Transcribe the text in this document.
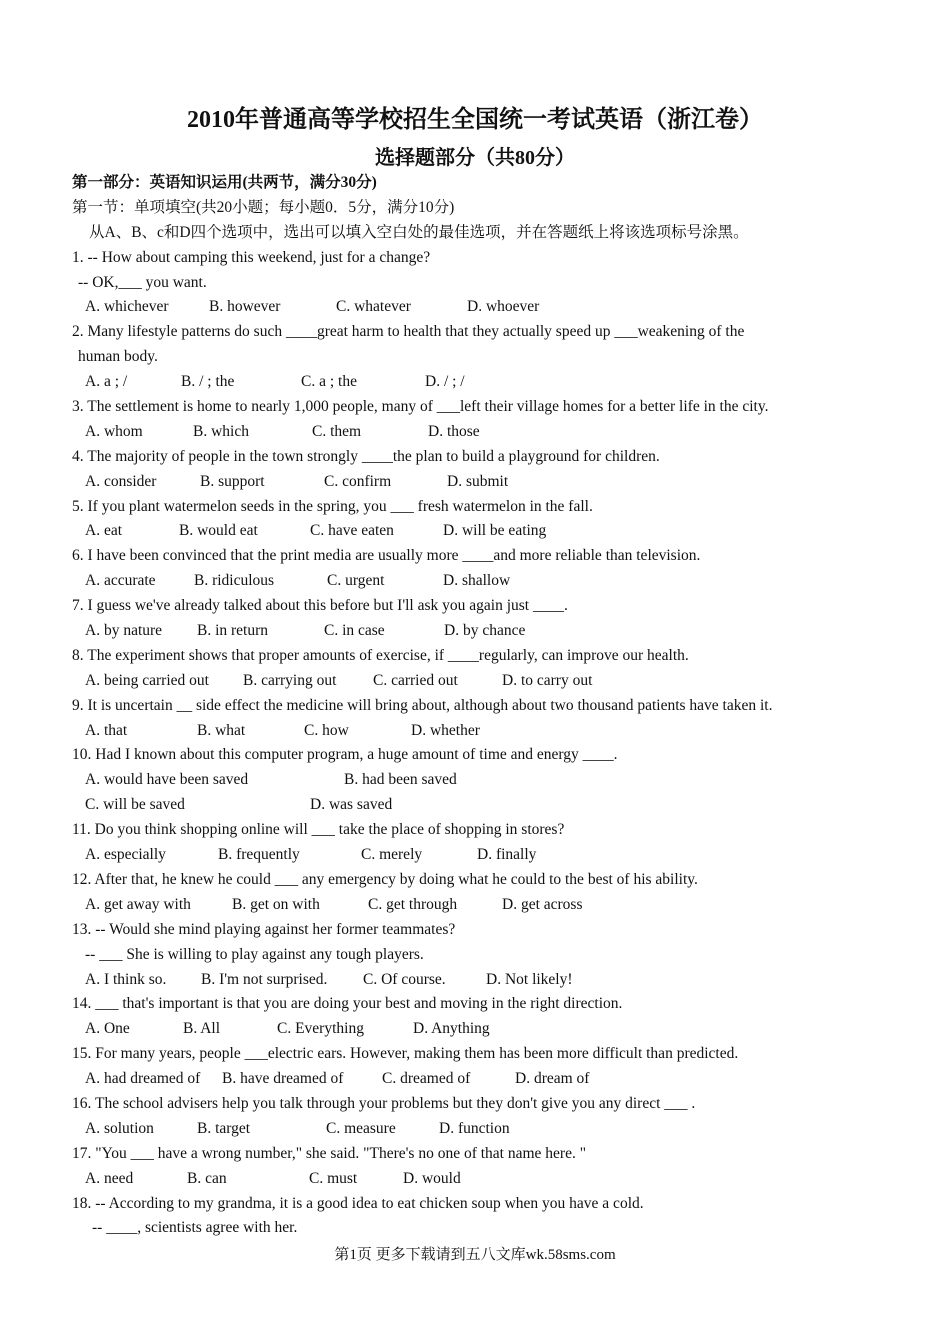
2010年普通高等学校招生全国统一考试英语（浙江卷）
选择题部分（共80分）
第一部分：英语知识运用(共两节，满分30分)
第一节：单项填空(共20小题；每小题0．5分，满分10分)
从A、B、c和D四个选项中，选出可以填入空白处的最佳选项，并在答题纸上将该选项标号涂黑。
1. -- How about camping this weekend, just for a change?
-- OK,___ you want.
A. whichever	B. however	C. whatever	D. whoever
2. Many lifestyle patterns do such ____great harm to health that they actually speed up ___weakening of the
human body.
A. a ; /	B. / ; the	C. a ; the	D. / ; /
3. The settlement is home to nearly 1,000 people, many of ___left their village homes for a better life in the city.
A. whom	B. which	C. them	D. those
4. The majority of people in the town strongly ____the plan to build a playground for children.
A. consider	B. support	C. confirm	D. submit
5. If you plant watermelon seeds in the spring, you ___ fresh watermelon in the fall.
A. eat	B. would eat	C. have eaten	D. will be eating
6. I have been convinced that the print media are usually more ____and more reliable than television.
A. accurate B. ridiculous	C. urgent	D. shallow
7. I guess we've already talked about this before but I'll ask you again just ____.
A. by nature B. in return	C. in case	D. by chance
8. The experiment shows that proper amounts of exercise, if ____regularly, can improve our health.
A. being carried out B. carrying out C. carried out	D. to carry out
9. It is uncertain __ side effect the medicine will bring about, although about two thousand patients have taken it.
A. that	B. what	C. how	D. whether
10. Had I known about this computer program, a huge amount of time and energy ____.
A. would have been saved	B. had been saved
C. will be saved	D. was saved
11. Do you think shopping online will ___ take the place of shopping in stores?
A. especially	B. frequently	C. merely	D. finally
12. After that, he knew he could ___ any emergency by doing what he could to the best of his ability.
A. get away with	B. get on with	C. get through	D. get across
13. -- Would she mind playing against her former teammates?
-- ___ She is willing to play against any tough players.
A. I think so. B. I'm not surprised. C. Of course.	D. Not likely!
14. ___ that's important is that you are doing your best and moving in the right direction.
A. One	B. All	C. Everything	D. Anything
15. For many years, people ___electric ears. However, making them has been more difficult than predicted.
A. had dreamed of B. have dreamed of C. dreamed of	D. dream of
16. The school advisers help you talk through your problems but they don't give you any direct ___ .
A. solution	B. target	C. measure	D. function
17. "You ___ have a wrong number," she said. "There's no one of that name here. "
A. need	B. can	C. must	D. would
18. -- According to my grandma, it is a good idea to eat chicken soup when you have a cold.
-- ____, scientists agree with her.
第1页 更多下载请到五八文库wk.58sms.com
